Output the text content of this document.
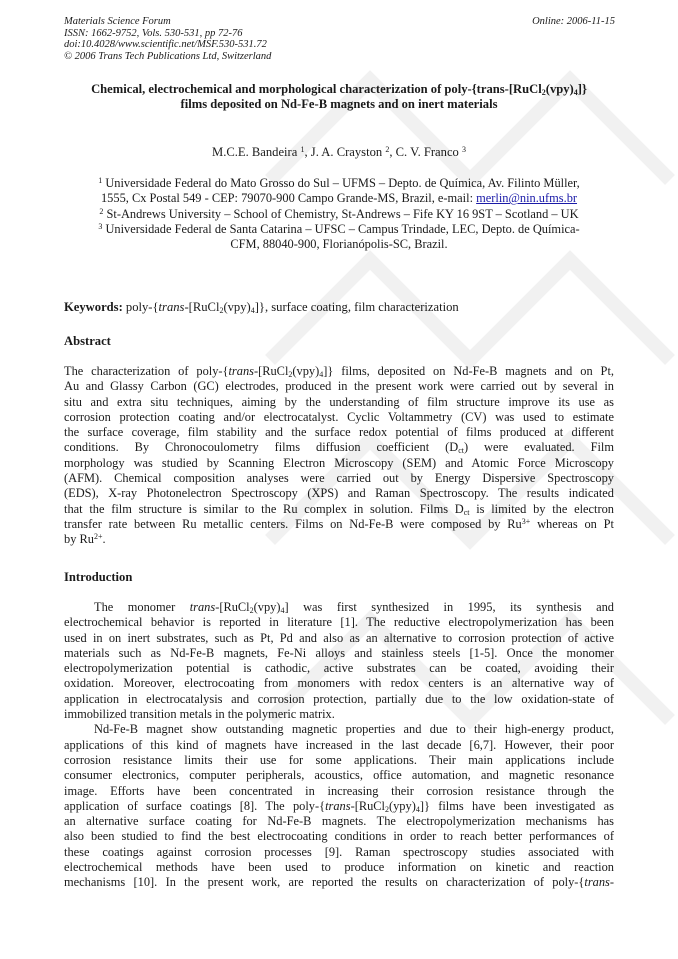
Materials Science Forum
ISSN: 1662-9752, Vols. 530-531, pp 72-76
doi:10.4028/www.scientific.net/MSF.530-531.72
© 2006 Trans Tech Publications Ltd, Switzerland
Online: 2006-11-15
Chemical, electrochemical and morphological characterization of poly-$\{trans-[RuCl_2(vpy)_4]\}$
films deposited on Nd-Fe-B magnets and on inert materials
M.C.E. Bandeira $^1$, J. A. Crayston $^2$, C. V. Franco $^3$
$^1$ Universidade Federal do Mato Grosso do Sul – UFMS – Depto. de Química, Av. Filinto Müller,
1555, Cx Postal 549 - CEP: 79070-900 Campo Grande-MS, Brazil, e-mail: merlin@nin.ufms.br
$^2$ St-Andrews University – School of Chemistry, St-Andrews – Fife KY 16 9ST – Scotland – UK
$^3$ Universidade Federal de Santa Catarina – UFSC – Campus Trindade, LEC, Depto. de Química-
CFM, 88040-900, Florianópolis-SC, Brazil.
Keywords: poly-$\{trans-[RuCl_2(vpy)_4]\}$, surface coating, film characterization
Abstract
The characterization of poly-$\{trans-[RuCl_2(vpy)_4]\}$ films, deposited on Nd-Fe-B magnets and on Pt,
Au and Glassy Carbon (GC) electrodes, produced in the present work were carried out by several in
situ and extra situ techniques, aiming by the understanding of film structure improve its use as
corrosion protection coating and/or electrocatalyst. Cyclic Voltammetry (CV) was used to estimate
the surface coverage, film stability and the surface redox potential of films produced at different
conditions. By Chronocoulometry films diffusion coefficient $(D_{ct})$ were evaluated. Film
morphology was studied by Scanning Electron Microscopy (SEM) and Atomic Force Microscopy
(AFM). Chemical composition analyses were carried out by Energy Dispersive Spectroscopy
(EDS), X-ray Photonelectron Spectroscopy (XPS) and Raman Spectroscopy. The results indicated
that the film structure is similar to the Ru complex in solution. Films $D_{ct}$ is limited by the electron
transfer rate between Ru metallic centers. Films on Nd-Fe-B were composed by $Ru^{3+}$ whereas on Pt
by $Ru^{2+}$.
Introduction
The monomer trans-$[RuCl_2(vpy)_4]$ was first synthesized in 1995, its synthesis and
electrochemical behavior is reported in literature [1]. The reductive electropolymerization has been
used in on inert substrates, such as Pt, Pd and also as an alternative to corrosion protection of active
materials such as Nd-Fe-B magnets, Fe-Ni alloys and stainless steels [1-5]. Once the monomer
electropolymerization potential is cathodic, active substrates can be coated, avoiding their
oxidation. Moreover, electrocoating from monomers with redox centers is an alternative way of
application in electrocatalysis and corrosion protection, partially due to the low oxidation-state of
immobilized transition metals in the polymeric matrix.
Nd-Fe-B magnet show outstanding magnetic properties and due to their high-energy product,
applications of this kind of magnets have increased in the last decade [6,7]. However, their poor
corrosion resistance limits their use for some applications. Their main applications include
consumer electronics, computer peripherals, acoustics, office automation, and magnetic resonance
image. Efforts have been concentrated in increasing their corrosion resistance through the
application of surface coatings [8]. The poly-$\{trans-[RuCl_2(ypy)_4]\}$ films have been investigated as
an alternative surface coating for Nd-Fe-B magnets. The electropolymerization mechanisms has
also been studied to find the best electrocoating conditions in order to reach better performances of
these coatings against corrosion processes [9]. Raman spectroscopy studies associated with
electrochemical methods have been used to produce information on kinetic and reaction
mechanisms [10]. In the present work, are reported the results on characterization of poly-{trans-
